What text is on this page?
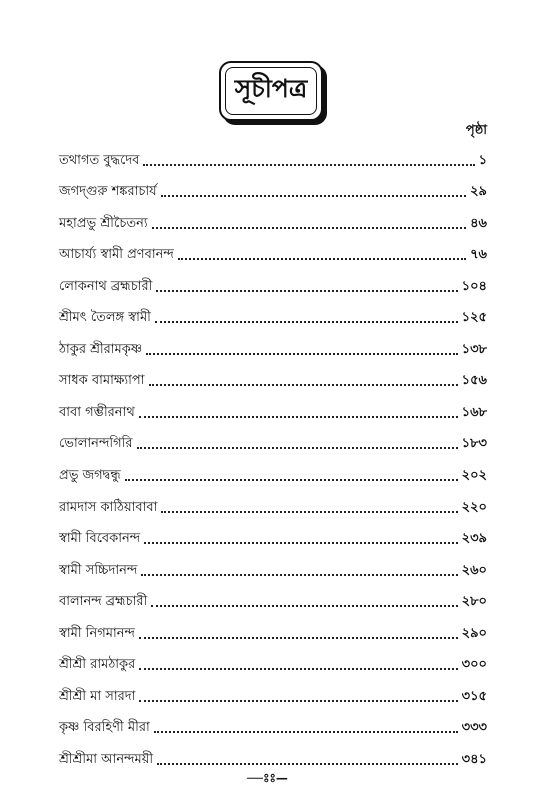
সূচীপত্র
পৃষ্ঠা
তথাগত বুদ্ধদেব	১
জগদ্‌গুরু শঙ্করাচার্য	২৯
মহাপ্রভু শ্রীচৈতন্য	৪৬
আচার্য্য স্বামী প্রণবানন্দ	৭৬
লোকনাথ ব্রহ্মচারী	১০৪
শ্রীমৎ তৈলঙ্গ স্বামী	১২৫
ঠাকুর শ্রীরামকৃষ্ণ	১৩৮
সাধক বামাক্ষ্যাপা	১৫৬
বাবা গম্ভীরনাথ	১৬৮
ভোলানন্দগিরি	১৮৩
প্রভু জগদ্বন্ধু	২০২
রামদাস কাঠিয়াবাবা	২২০
স্বামী বিবেকানন্দ	২৩৯
স্বামী সচ্চিদানন্দ	২৬০
বালানন্দ ব্রহ্মচারী	২৮০
স্বামী নিগমানন্দ	২৯০
শ্রীশ্রী রামঠাকুর	৩০০
শ্রীশ্রী মা সারদা	৩১৫
কৃষ্ণ বিরহিণী মীরা	৩৩৩
শ্রীশ্রীমা আনন্দময়ী	৩৪১
—ঃঃ—
